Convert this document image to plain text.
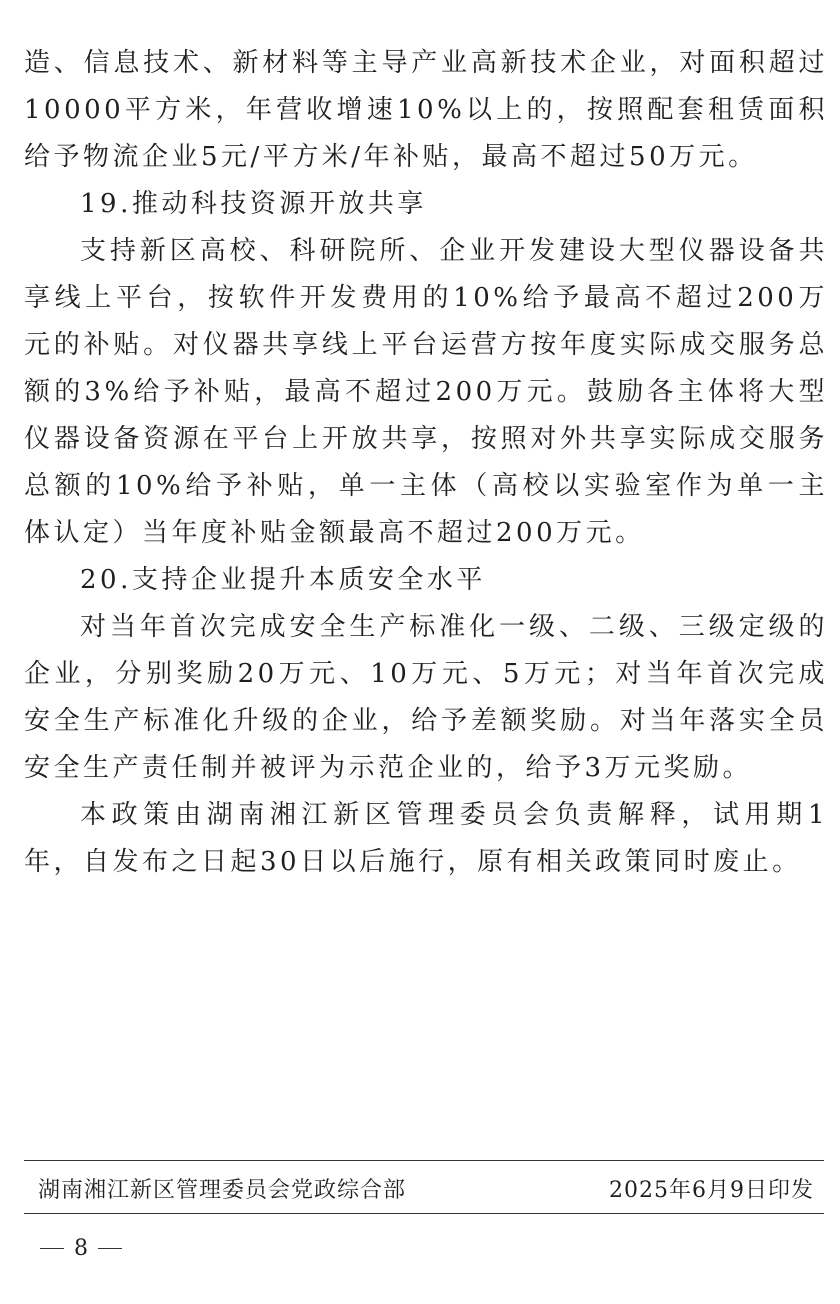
造、信息技术、新材料等主导产业高新技术企业，对面积超过10000平方米，年营收增速10%以上的，按照配套租赁面积给予物流企业5元/平方米/年补贴，最高不超过50万元。

19.推动科技资源开放共享

支持新区高校、科研院所、企业开发建设大型仪器设备共享线上平台，按软件开发费用的10%给予最高不超过200万元的补贴。对仪器共享线上平台运营方按年度实际成交服务总额的3%给予补贴，最高不超过200万元。鼓励各主体将大型仪器设备资源在平台上开放共享，按照对外共享实际成交服务总额的10%给予补贴，单一主体（高校以实验室作为单一主体认定）当年度补贴金额最高不超过200万元。

20.支持企业提升本质安全水平

对当年首次完成安全生产标准化一级、二级、三级定级的企业，分别奖励20万元、10万元、5万元；对当年首次完成安全生产标准化升级的企业，给予差额奖励。对当年落实全员安全生产责任制并被评为示范企业的，给予3万元奖励。

本政策由湖南湘江新区管理委员会负责解释，试用期1年，自发布之日起30日以后施行，原有相关政策同时废止。

湖南湘江新区管理委员会党政综合部	2025年6月9日印发
8
